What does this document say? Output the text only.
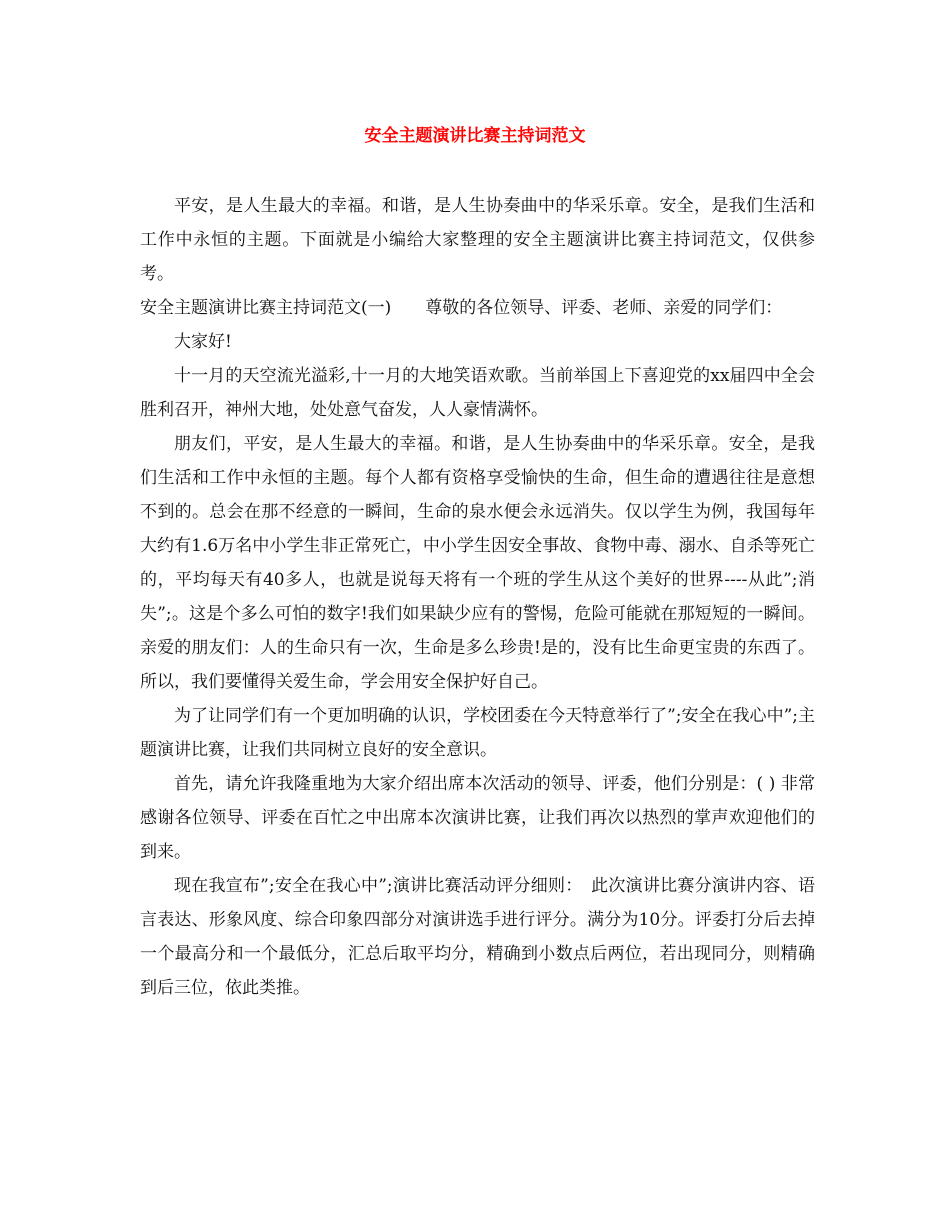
安全主题演讲比赛主持词范文

平安，是人生最大的幸福。和谐，是人生协奏曲中的华采乐章。安全，是我们生活和工作中永恒的主题。下面就是小编给大家整理的安全主题演讲比赛主持词范文，仅供参考。

安全主题演讲比赛主持词范文(一)　　尊敬的各位领导、评委、老师、亲爱的同学们：

大家好!

十一月的天空流光溢彩,十一月的大地笑语欢歌。当前举国上下喜迎党的xx届四中全会胜利召开，神州大地，处处意气奋发，人人豪情满怀。

朋友们，平安，是人生最大的幸福。和谐，是人生协奏曲中的华采乐章。安全，是我们生活和工作中永恒的主题。每个人都有资格享受愉快的生命，但生命的遭遇往往是意想不到的。总会在那不经意的一瞬间，生命的泉水便会永远消失。仅以学生为例，我国每年大约有1.6万名中小学生非正常死亡，中小学生因安全事故、食物中毒、溺水、自杀等死亡的，平均每天有40多人，也就是说每天将有一个班的学生从这个美好的世界----从此”;消失”;。这是个多么可怕的数字!我们如果缺少应有的警惕，危险可能就在那短短的一瞬间。亲爱的朋友们：人的生命只有一次，生命是多么珍贵!是的，没有比生命更宝贵的东西了。所以，我们要懂得关爱生命，学会用安全保护好自己。

为了让同学们有一个更加明确的认识，学校团委在今天特意举行了”;安全在我心中”;主题演讲比赛，让我们共同树立良好的安全意识。

首先，请允许我隆重地为大家介绍出席本次活动的领导、评委，他们分别是：( ) 非常感谢各位领导、评委在百忙之中出席本次演讲比赛，让我们再次以热烈的掌声欢迎他们的到来。

现在我宣布”;安全在我心中”;演讲比赛活动评分细则：　此次演讲比赛分演讲内容、语言表达、形象风度、综合印象四部分对演讲选手进行评分。满分为10分。评委打分后去掉一个最高分和一个最低分，汇总后取平均分，精确到小数点后两位，若出现同分，则精确到后三位，依此类推。
